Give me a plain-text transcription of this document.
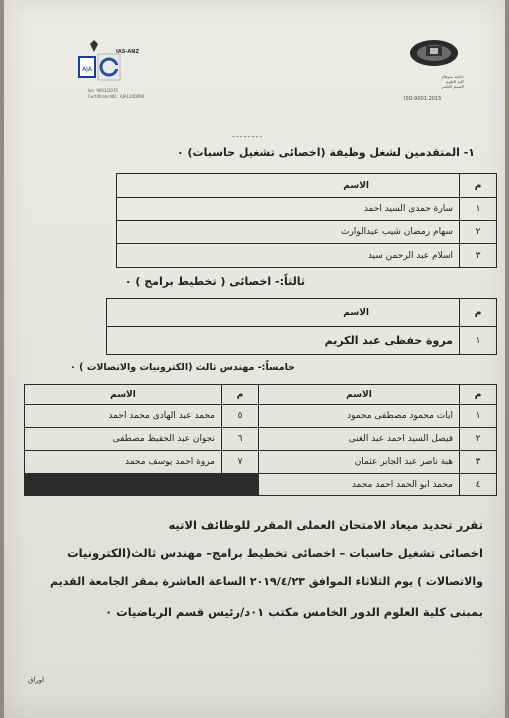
AJA
IAS-ANZ
Iso: 9001/2015
Certificate NO.: AJA1300090
جامعة سوهاج
كلية العلوم
القسم العلمي
ISO:9001:2015
--------
١- المتقدمين لشغل وظيفة (اخصائى تشغيل حاسبات) ٠
م	الاسم
١	سارة حمدى السيد احمد
٢	سهام رمضان شيب عبدالوارث
٣	اسلام عبد الرحمن سيد
ثالثاً:- اخصائى ( تخطيط برامج ) ٠
م	الاسم
١	مروة حفظى عبد الكريم
خامساً:- مهندس ثالث (الكترونيات والاتصالات ) ٠
م	الاسم	م	الاسم
١	ايات محمود مصطفى محمود	٥	محمد عبد الهادى محمد احمد
٢	فيصل السيد احمد عبد الغنى	٦	نجوان عبد الحفيظ مصطفى
٣	هبة ناصر عبد الجابر عثمان	٧	مروة احمد يوسف محمد
٤	محمد ابو الحمد احمد محمد		
تقرر تحديد ميعاد الامتحان العملى المقرر للوظائف الاتيه
اخصائى تشغيل حاسبات – اخصائى تخطيط برامج– مهندس ثالث(الكترونيات
والاتصالات ) يوم الثلاثاء الموافق ٢٠١٩/٤/٢٣ الساعة العاشرة بمقر الجامعة القديم
بمبنى كلية العلوم الدور الخامس مكتب ٠١د/رئيس قسم الرياضيات ٠
اوراق
